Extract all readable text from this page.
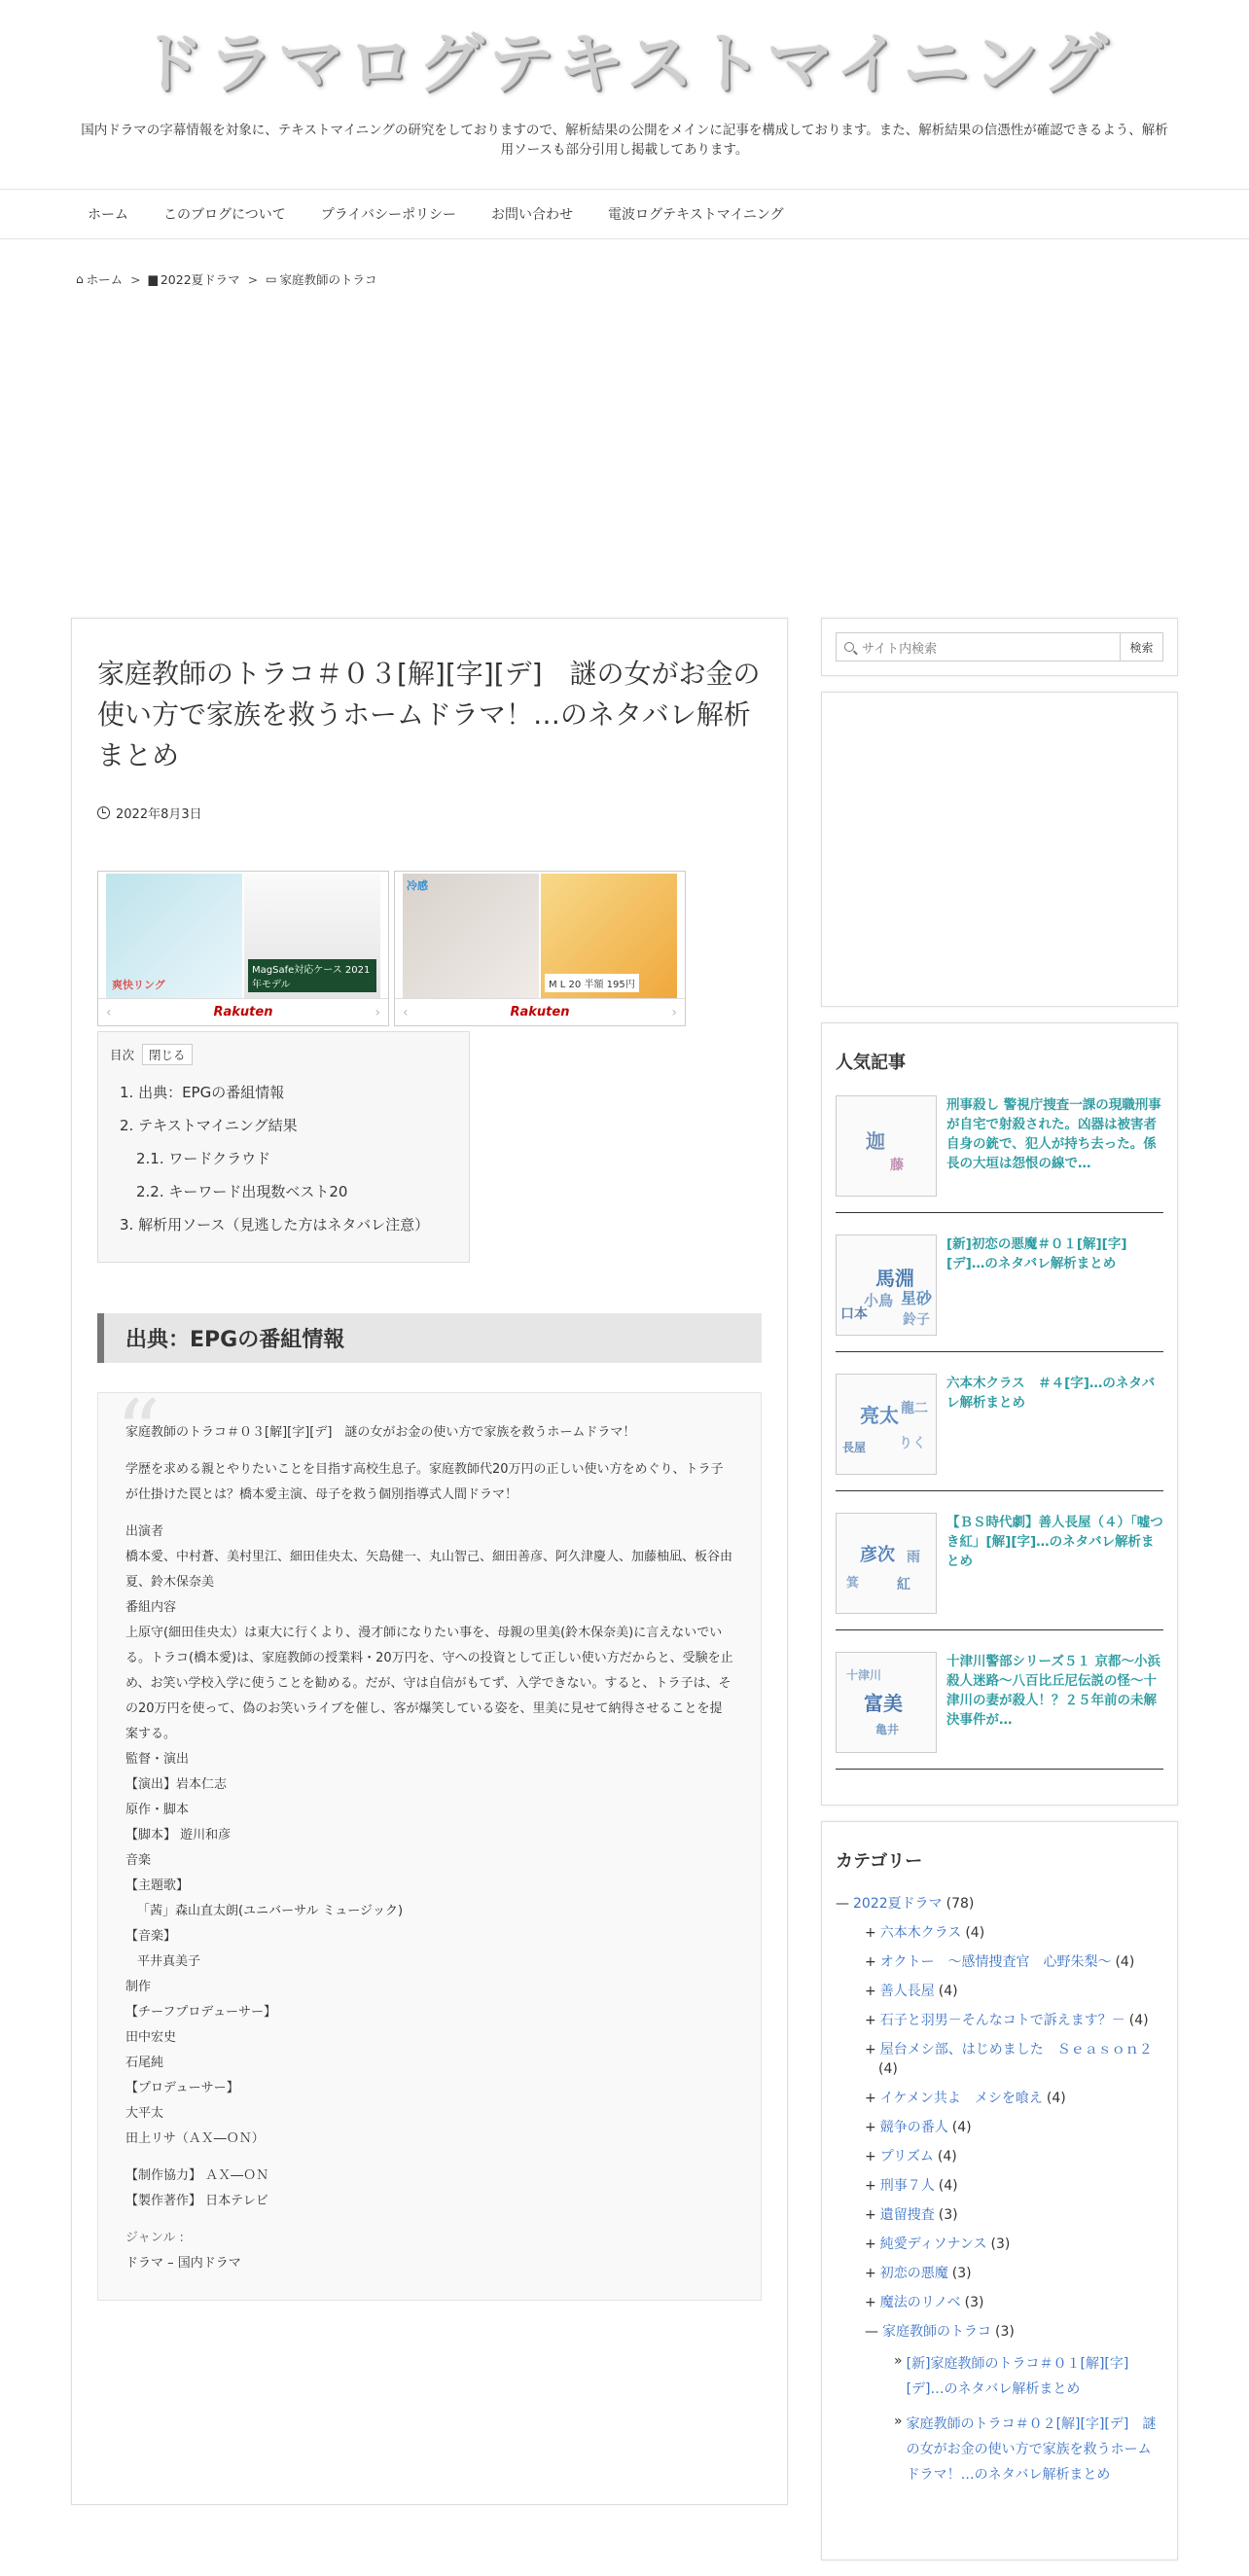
ドラマログテキストマイニング
国内ドラマの字幕情報を対象に、テキストマイニングの研究をしておりますので、解析結果の公開をメインに記事を構成しております。また、解析結果の信憑性が確認できるよう、解析用ソースも部分引用し掲載してあります。
ホーム	このブログについて	プライバシーポリシー	お問い合わせ	電波ログテキストマイニング
⌂ ホーム > ▆ 2022夏ドラマ > ▭ 家庭教師のトラコ
家庭教師のトラコ＃０３[解][字][デ]　謎の女がお金の使い方で家族を救うホームドラマ！…のネタバレ解析まとめ
2022年8月3日
爽快リング
MagSafe対応ケース 2021年モデル
‹	Rakuten	›
冷感
M L 20 半額 195円
‹	Rakuten	›
目次	閉じる
1. 出典：EPGの番組情報
2. テキストマイニング結果
2.1. ワードクラウド
2.2. キーワード出現数ベスト20
3. 解析用ソース（見逃した方はネタバレ注意）
出典：EPGの番組情報
“

家庭教師のトラコ＃０３[解][字][デ]　謎の女がお金の使い方で家族を救うホームドラマ！

学歴を求める親とやりたいことを目指す高校生息子。家庭教師代20万円の正しい使い方をめぐり、トラ子が仕掛けた罠とは？橋本愛主演、母子を救う個別指導式人間ドラマ！

出演者
橋本愛、中村蒼、美村里江、細田佳央太、矢島健一、丸山智己、細田善彦、阿久津慶人、加藤柚凪、板谷由夏、鈴木保奈美
番組内容
上原守(細田佳央太）は東大に行くより、漫才師になりたい事を、母親の里美(鈴木保奈美)に言えないでいる。トラコ(橋本愛)は、家庭教師の授業料・20万円を、守への投資として正しい使い方だからと、受験を止め、お笑い学校入学に使うことを勧める。だが、守は自信がもてず、入学できない。すると、トラ子は、その20万円を使って、偽のお笑いライブを催し、客が爆笑している姿を、里美に見せて納得させることを提案する。
監督・演出
【演出】岩本仁志
原作・脚本
【脚本】 遊川和彦
音楽
【主題歌】
「茜」森山直太朗(ユニバーサル ミュージック)
【音楽】
平井真美子
制作
【チーフプロデューサー】
田中宏史
石尾純
【プロデューサー】
大平太
田上リサ（ＡＸ―ＯＮ）
【制作協力】 ＡＸ―ＯＮ
【製作著作】 日本テレビ
ジャンル :
ドラマ – 国内ドラマ
サイト内検索	検索
人気記事
迦
藤
刑事殺し 警視庁捜査一課の現職刑事が自宅で射殺された。凶器は被害者自身の銃で、犯人が持ち去った。係長の大垣は怨恨の線で…
馬淵
星砂
小鳥
口本	鈴子
[新]初恋の悪魔＃０１[解][字][デ]…のネタバレ解析まとめ
亮太 龍二
長屋 りく
六本木クラス　＃４[字]…のネタバレ解析まとめ
彦次 雨
箕	紅
【ＢＳ時代劇】善人長屋（４）「嘘つき紅」[解][字]…のネタバレ解析まとめ
富美
十津川
亀井
十津川警部シリーズ５１ 京都～小浜殺人迷路～八百比丘尼伝説の怪～十津川の妻が殺人！？２５年前の未解決事件が…
カテゴリー
— 2022夏ドラマ (78)
+ 六本木クラス (4)
+ オクトー　～感情捜査官　心野朱梨～ (4)
+ 善人長屋 (4)
+ 石子と羽男－そんなコトで訴えます？－ (4)
+ 屋台メシ部、はじめました　Ｓｅａｓｏｎ２
(4)
+ イケメン共よ　メシを喰え (4)
+ 競争の番人 (4)
+ プリズム (4)
+ 刑事７人 (4)
+ 遺留捜査 (3)
+ 純愛ディソナンス (3)
+ 初恋の悪魔 (3)
+ 魔法のリノベ (3)
— 家庭教師のトラコ (3)
» [新]家庭教師のトラコ＃０１[解][字][デ]…のネタバレ解析まとめ
» 家庭教師のトラコ＃０２[解][字][デ]　謎の女がお金の使い方で家族を救うホームドラマ！…のネタバレ解析まとめ
